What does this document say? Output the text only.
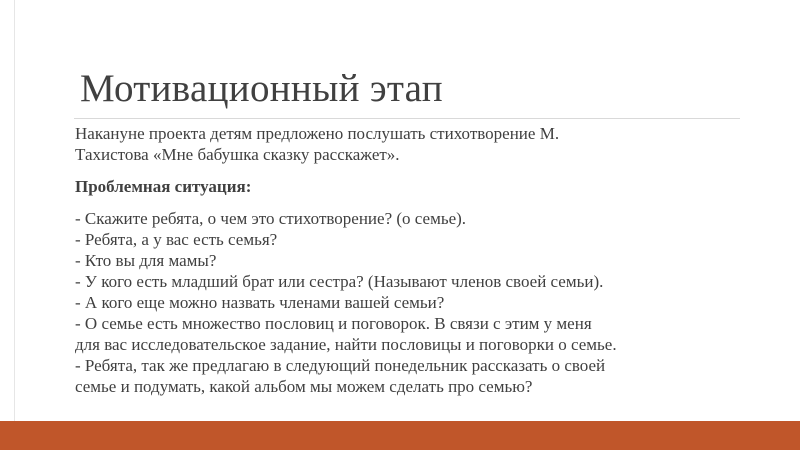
Мотивационный этап
Накануне проекта детям предложено послушать стихотворение М.
Тахистова «Мне бабушка сказку расскажет».
Проблемная ситуация:
- Скажите ребята, о чем это стихотворение? (о семье).
- Ребята, а у вас есть семья?
- Кто вы для мамы?
- У кого есть младший брат или сестра? (Называют членов своей семьи).
- А кого еще можно назвать членами вашей семьи?
- О семье есть множество пословиц и поговорок. В связи с этим у меня
для вас исследовательское задание, найти пословицы и поговорки о семье.
- Ребята, так же предлагаю в следующий понедельник рассказать о своей
семье и подумать, какой альбом мы можем сделать про семью?
